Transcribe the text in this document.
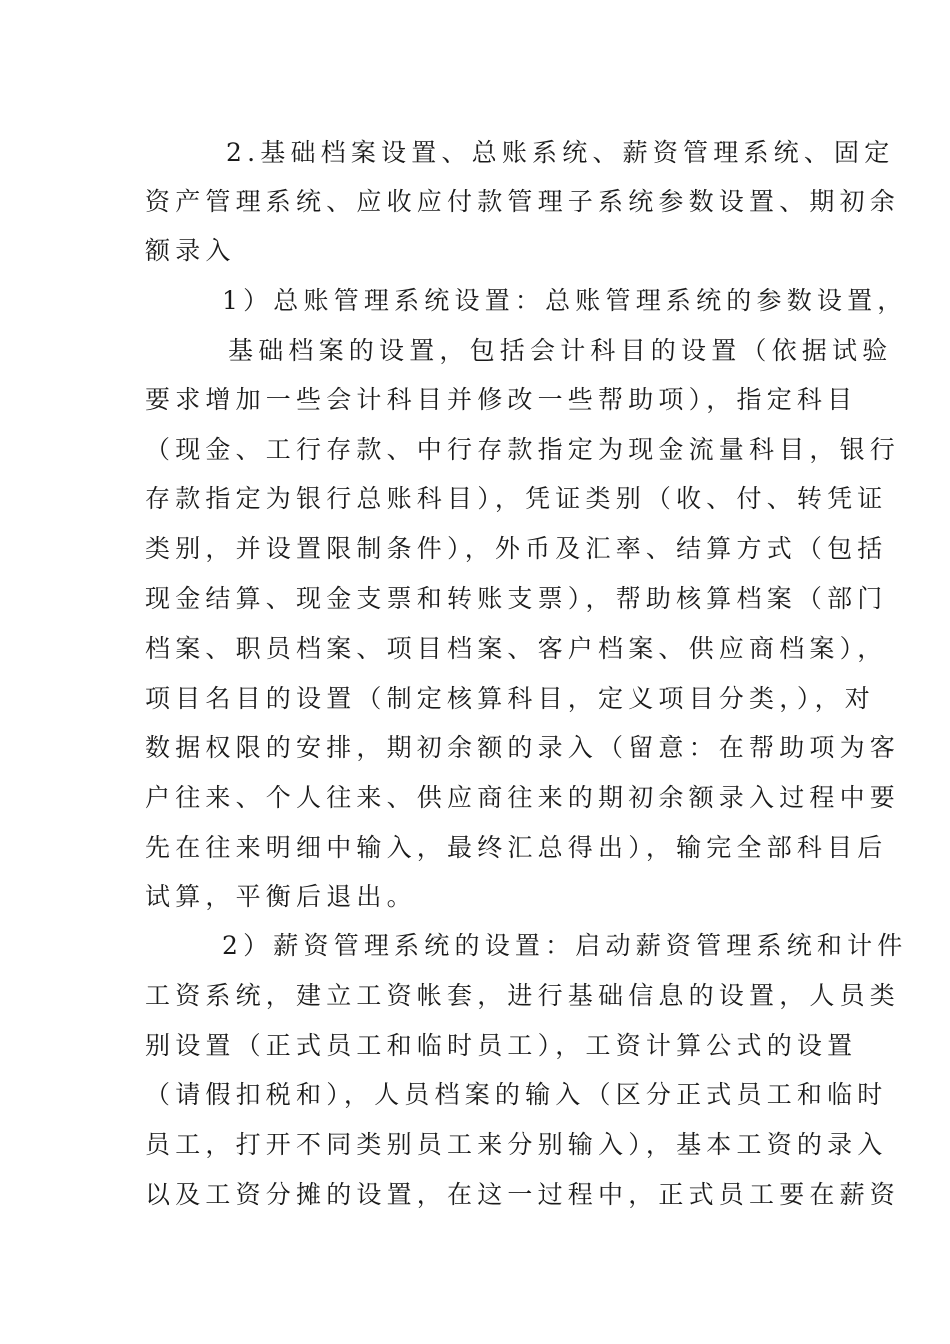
2.基础档案设置、总账系统、薪资管理系统、固定
资产管理系统、应收应付款管理子系统参数设置、期初余
额录入
1）总账管理系统设置：总账管理系统的参数设置，
基础档案的设置，包括会计科目的设置（依据试验
要求增加一些会计科目并修改一些帮助项），指定科目
（现金、工行存款、中行存款指定为现金流量科目，银行
存款指定为银行总账科目），凭证类别（收、付、转凭证
类别，并设置限制条件），外币及汇率、结算方式（包括
现金结算、现金支票和转账支票），帮助核算档案（部门
档案、职员档案、项目档案、客户档案、供应商档案），
项目名目的设置（制定核算科目，定义项目分类，），对
数据权限的安排，期初余额的录入（留意：在帮助项为客
户往来、个人往来、供应商往来的期初余额录入过程中要
先在往来明细中输入，最终汇总得出），输完全部科目后
试算，平衡后退出。
2）薪资管理系统的设置：启动薪资管理系统和计件
工资系统，建立工资帐套，进行基础信息的设置，人员类
别设置（正式员工和临时员工），工资计算公式的设置
（请假扣税和），人员档案的输入（区分正式员工和临时
员工，打开不同类别员工来分别输入），基本工资的录入
以及工资分摊的设置，在这一过程中，正式员工要在薪资
